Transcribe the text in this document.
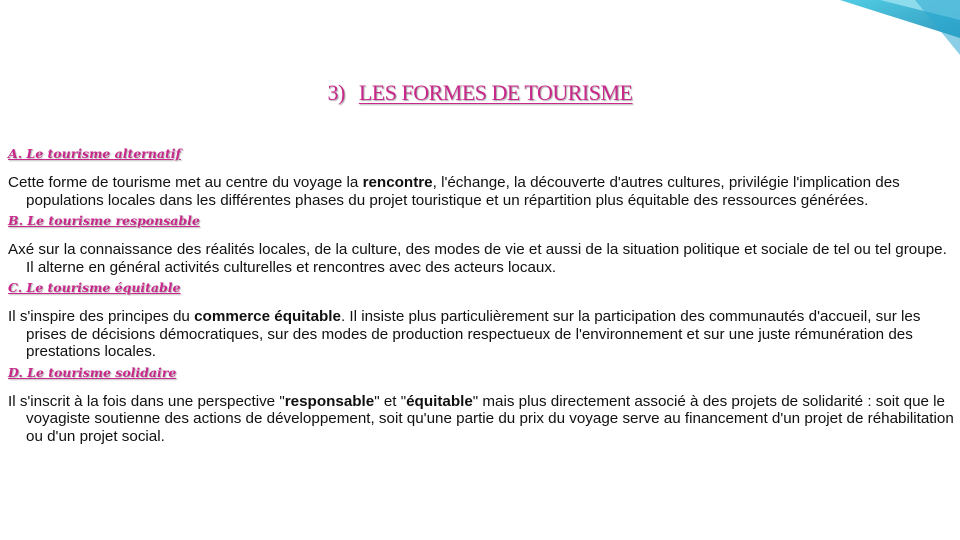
3) LES FORMES DE TOURISME

A. Le tourisme alternatif

Cette forme de tourisme met au centre du voyage la rencontre, l'échange, la découverte d'autres cultures, privilégie l'implication des populations locales dans les différentes phases du projet touristique et un répartition plus équitable des ressources générées.

B. Le tourisme responsable

Axé sur la connaissance des réalités locales, de la culture, des modes de vie et aussi de la situation politique et sociale de tel ou tel groupe. Il alterne en général activités culturelles et rencontres avec des acteurs locaux.

C. Le tourisme équitable

Il s'inspire des principes du commerce équitable. Il insiste plus particulièrement sur la participation des communautés d'accueil, sur les prises de décisions démocratiques, sur des modes de production respectueux de l'environnement et sur une juste rémunération des prestations locales.

D. Le tourisme solidaire

Il s'inscrit à la fois dans une perspective "responsable" et "équitable" mais plus directement associé à des projets de solidarité : soit que le voyagiste soutienne des actions de développement, soit qu'une partie du prix du voyage serve au financement d'un projet de réhabilitation ou d'un projet social.
